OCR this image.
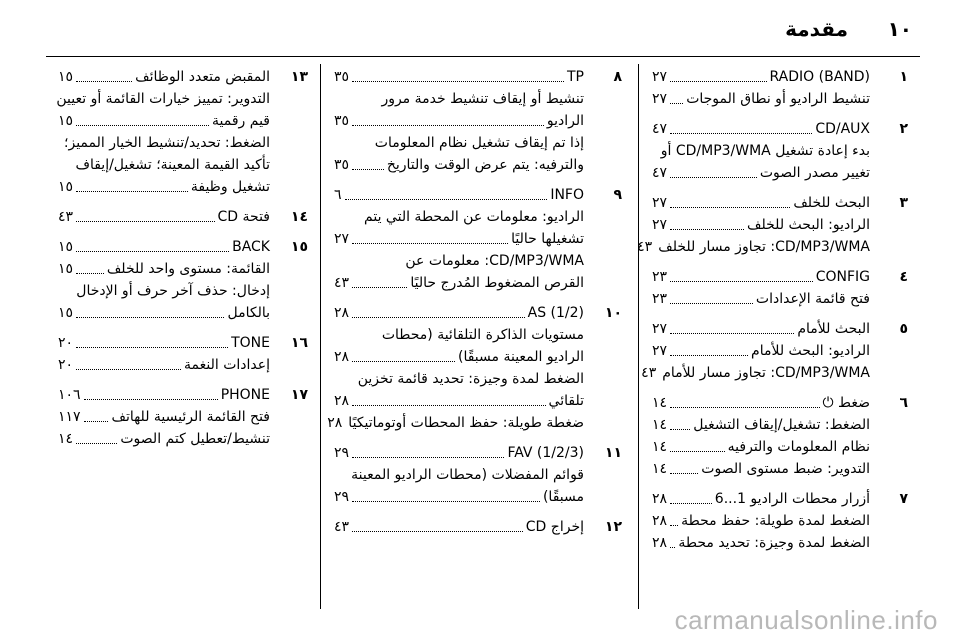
١٠
مقدمة
١
RADIO (BAND)
٢٧
تنشيط الراديو أو نطاق الموجات
٢٧
٢
CD/AUX
٤٧
بدء إعادة تشغيل CD/MP3/WMA أو
تغيير مصدر الصوت
٤٧
٣
البحث للخلف
٢٧
الراديو: البحث للخلف
٢٧
CD/MP3/WMA: تجاوز مسار للخلف
٤٣
٤
CONFIG
٢٣
فتح قائمة الإعدادات
٢٣
٥
البحث للأمام
٢٧
الراديو: البحث للأمام
٢٧
CD/MP3/WMA: تجاوز مسار للأمام
٤٣
٦
ضغط ⏻
١٤
الضغط: تشغيل/إيقاف التشغيل
١٤
نظام المعلومات والترفيه
١٤
التدوير: ضبط مستوى الصوت
١٤
٧
أزرار محطات الراديو 1...6
٢٨
الضغط لمدة طويلة: حفظ محطة
٢٨
الضغط لمدة وجيزة: تحديد محطة
٢٨
٨
TP
٣٥
تنشيط أو إيقاف تنشيط خدمة مرور
الراديو
٣٥
إذا تم إيقاف تشغيل نظام المعلومات
والترفيه: يتم عرض الوقت والتاريخ
٣٥
٩
INFO
٦
الراديو: معلومات عن المحطة التي يتم
تشغيلها حاليًا
٢٧
CD/MP3/WMA: معلومات عن
القرص المضغوط المُدرج حاليًا
٤٣
١٠
AS (1/2)
٢٨
مستويات الذاكرة التلقائية (محطات
الراديو المعينة مسبقًا)
٢٨
الضغط لمدة وجيزة: تحديد قائمة تخزين
تلقائي
٢٨
ضغطة طويلة: حفظ المحطات أوتوماتيكيًا
٢٨
١١
FAV (1/2/3)
٢٩
قوائم المفضلات (محطات الراديو المعينة
مسبقًا)
٢٩
١٢
إخراج CD
٤٣
١٣
المقبض متعدد الوظائف
١٥
التدوير: تمييز خيارات القائمة أو تعيين
قيم رقمية
١٥
الضغط: تحديد/تنشيط الخيار المميز؛
تأكيد القيمة المعينة؛ تشغيل/إيقاف
تشغيل وظيفة
١٥
١٤
فتحة CD
٤٣
١٥
BACK
١٥
القائمة: مستوى واحد للخلف
١٥
إدخال: حذف آخر حرف أو الإدخال
بالكامل
١٥
١٦
TONE
٢٠
إعدادات النغمة
٢٠
١٧
PHONE
١٠٦
فتح القائمة الرئيسية للهاتف
١١٧
تنشيط/تعطيل كتم الصوت
١٤
carmanualsonline.info
